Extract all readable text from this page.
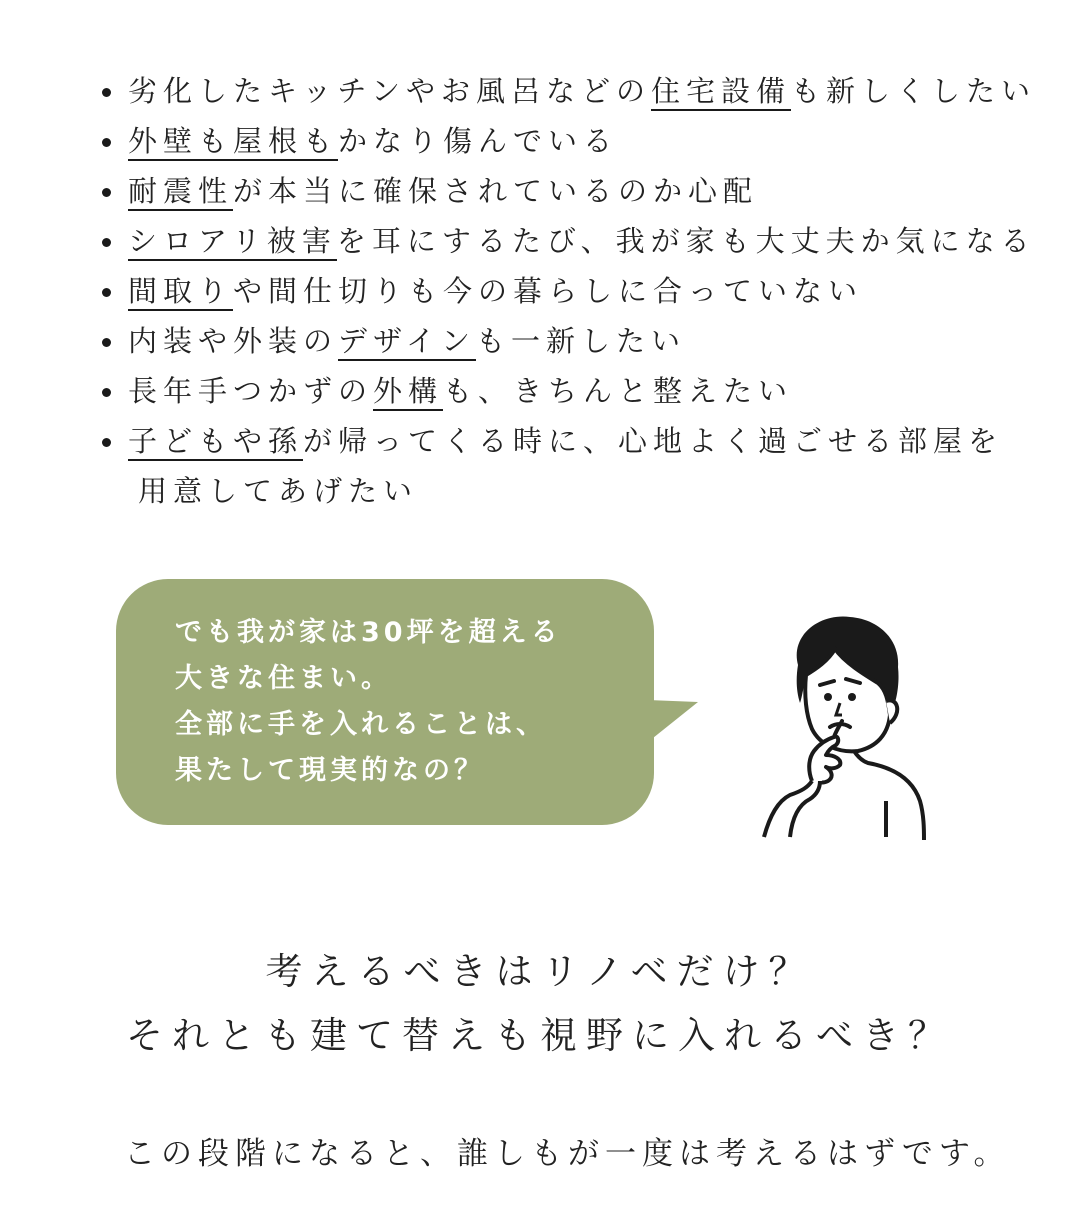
劣化したキッチンやお風呂などの住宅設備も新しくしたい
外壁も屋根もかなり傷んでいる
耐震性が本当に確保されているのか心配
シロアリ被害を耳にするたび、我が家も大丈夫か気になる
間取りや間仕切りも今の暮らしに合っていない
内装や外装のデザインも一新したい
長年手つかずの外構も、きちんと整えたい
子どもや孫が帰ってくる時に、心地よく過ごせる部屋を
用意してあげたい
でも我が家は30坪を超える
大きな住まい。
全部に手を入れることは、
果たして現実的なの？
考えるべきはリノベだけ？
それとも建て替えも視野に入れるべき？
この段階になると、誰しもが一度は考えるはずです。
